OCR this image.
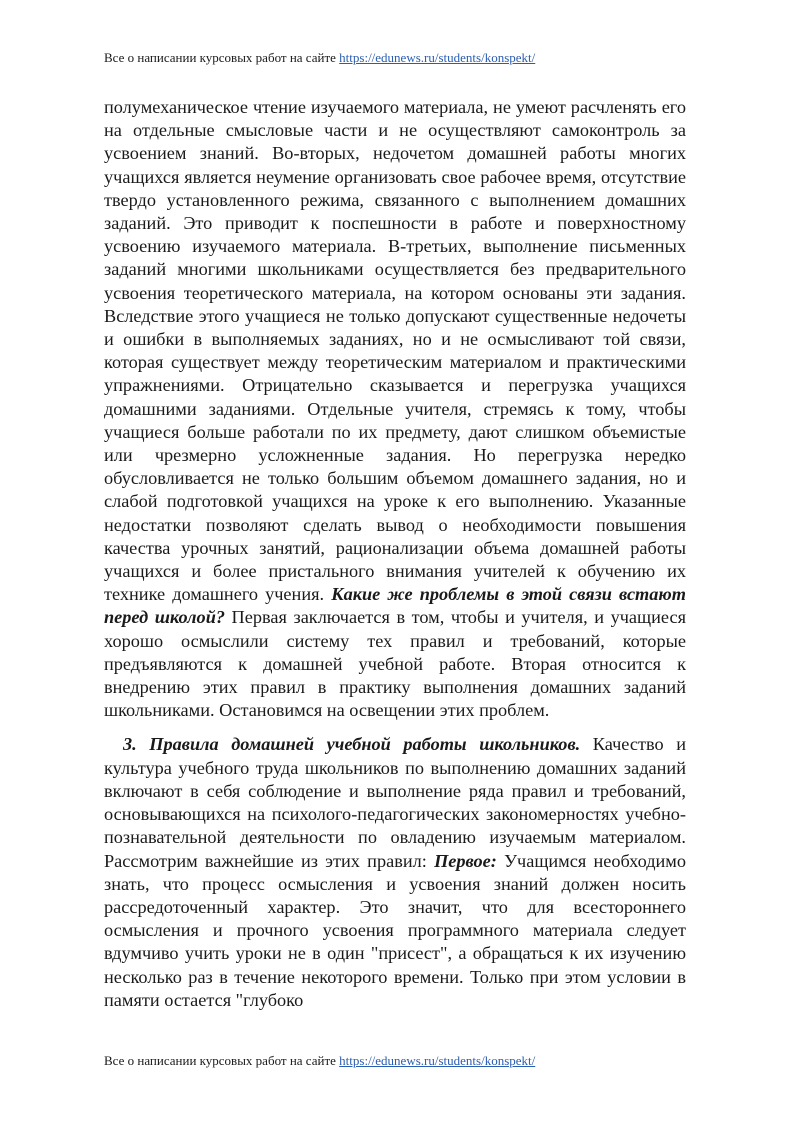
Все о написании курсовых работ на сайте https://edunews.ru/students/konspekt/

полумеханическое чтение изучаемого материала, не умеют расчленять его на отдельные смысловые части и не осуществляют самоконтроль за усвоением знаний. Во-вторых, недочетом домашней работы многих учащихся является неумение организовать свое рабочее время, отсутствие твердо установленного режима, связанного с выполнением домашних заданий. Это приводит к поспешности в работе и поверхностному усвоению изучаемого материала. В-третьих, выполнение письменных заданий многими школьниками осуществляется без предварительного усвоения теоретического материала, на котором основаны эти задания. Вследствие этого учащиеся не только допускают существенные недочеты и ошибки в выполняемых заданиях, но и не осмысливают той связи, которая существует между теоретическим материалом и практическими упражнениями. Отрицательно сказывается и перегрузка учащихся домашними заданиями. Отдельные учителя, стремясь к тому, чтобы учащиеся больше работали по их предмету, дают слишком объемистые или чрезмерно усложненные задания. Но перегрузка нередко обусловливается не только большим объемом домашнего задания, но и слабой подготовкой учащихся на уроке к его выполнению. Указанные недостатки позволяют сделать вывод о необходимости повышения качества урочных занятий, рационализации объема домашней работы учащихся и более пристального внимания учителей к обучению их технике домашнего учения. Какие же проблемы в этой связи встают перед школой? Первая заключается в том, чтобы и учителя, и учащиеся хорошо осмыслили систему тех правил и требований, которые предъявляются к домашней учебной работе. Вторая относится к внедрению этих правил в практику выполнения домашних заданий школьниками. Остановимся на освещении этих проблем.

3. Правила домашней учебной работы школьников. Качество и культура учебного труда школьников по выполнению домашних заданий включают в себя соблюдение и выполнение ряда правил и требований, основывающихся на психолого-педагогических закономерностях учебно-познавательной деятельности по овладению изучаемым материалом. Рассмотрим важнейшие из этих правил: Первое: Учащимся необходимо знать, что процесс осмысления и усвоения знаний должен носить рассредоточенный характер. Это значит, что для всестороннего осмысления и прочного усвоения программного материала следует вдумчиво учить уроки не в один "присест", а обращаться к их изучению несколько раз в течение некоторого времени. Только при этом условии в памяти остается "глубоко

Все о написании курсовых работ на сайте https://edunews.ru/students/konspekt/
